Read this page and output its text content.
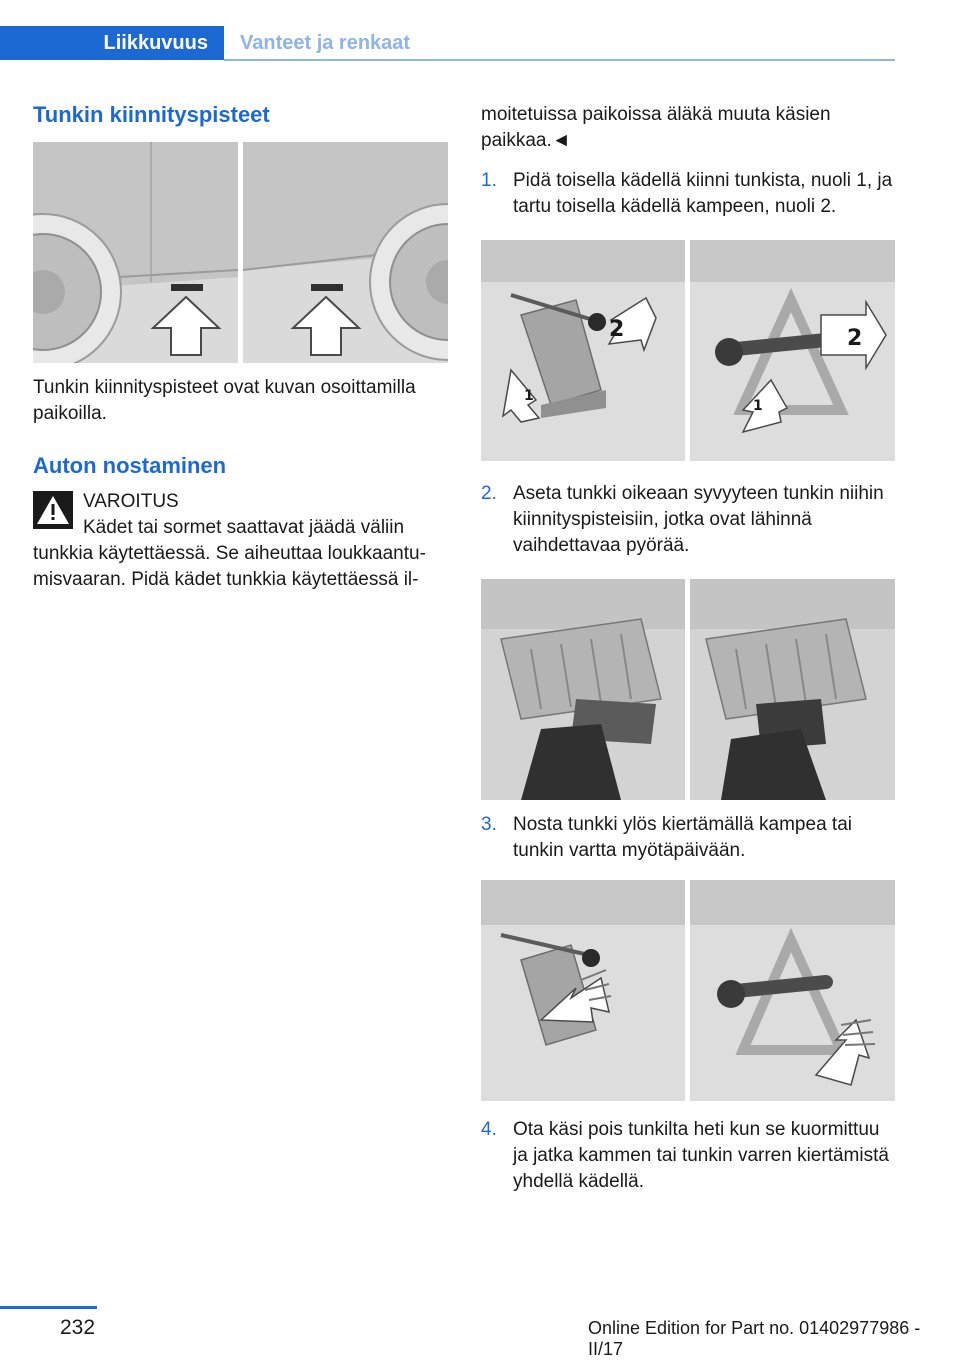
Liikkuvuus	Vanteet ja renkaat
Tunkin kiinnityspisteet

Tunkin kiinnityspisteet ovat kuvan osoittamilla paikoilla.

Auton nostaminen
VAROITUS
Kädet tai sormet saattavat jäädä väliin
tunkkia käytettäessä. Se aiheuttaa loukkaantu-
misvaaran. Pidä kädet tunkkia käytettäessä il-

moitetuissa paikoissa äläkä muuta käsien paikkaa.◄

1. Pidä toisella kädellä kiinni tunkista, nuoli 1, ja tartu toisella kädellä kampeen, nuoli 2.
1
2	2
1
2. Aseta tunkki oikeaan syvyyteen tunkin niihin kiinnityspisteisiin, jotka ovat lähinnä vaihdettavaa pyörää.
3. Nosta tunkki ylös kiertämällä kampea tai tunkin vartta myötäpäivään.
4. Ota käsi pois tunkilta heti kun se kuormittuu ja jatka kammen tai tunkin varren kiertämistä yhdellä kädellä.
232	Online Edition for Part no. 01402977986 - II/17
